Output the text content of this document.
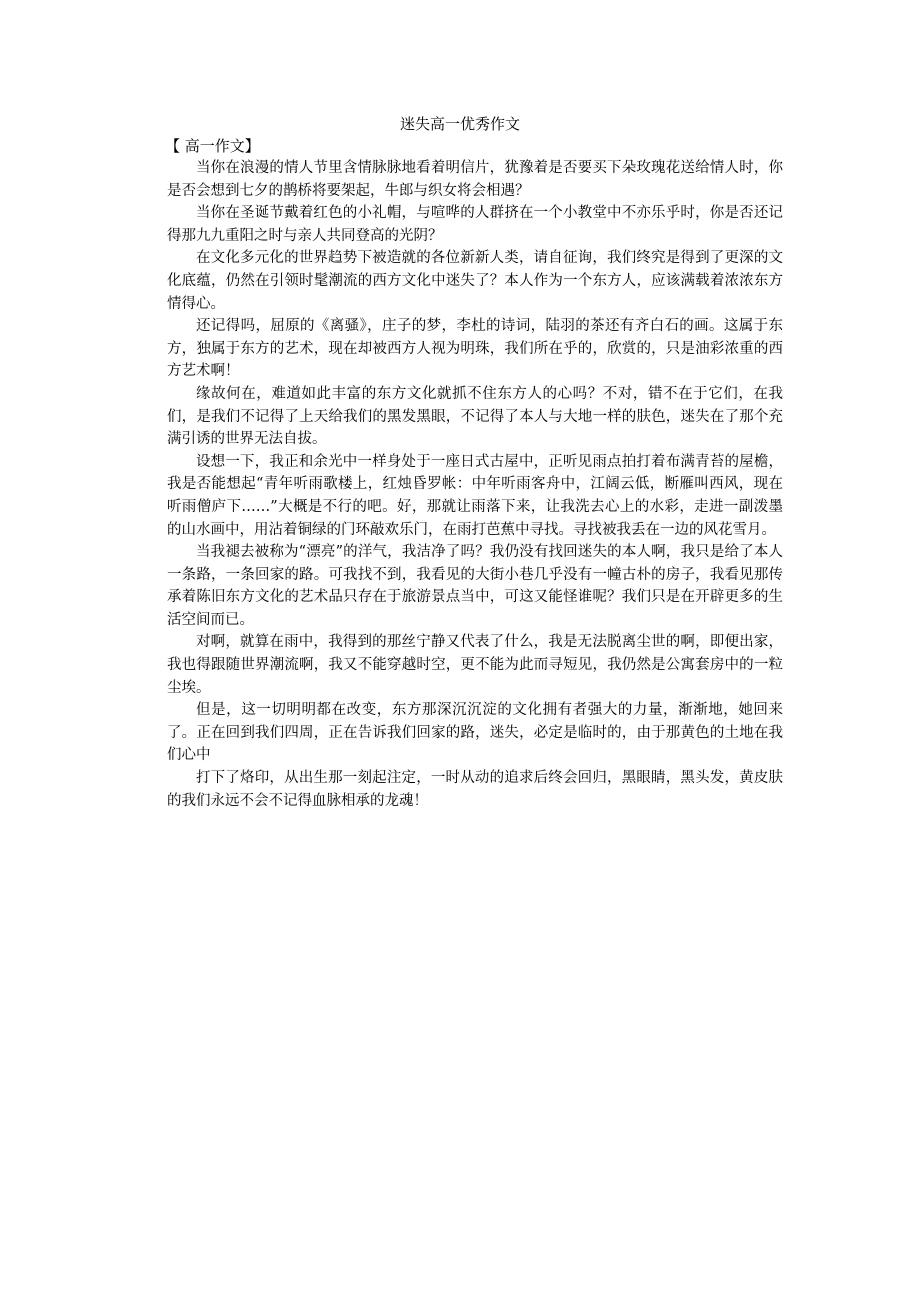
迷失高一优秀作文
【 高一作文】

当你在浪漫的情人节里含情脉脉地看着明信片，犹豫着是否要买下朵玫瑰花送给情人时，你是否会想到七夕的鹊桥将要架起，牛郎与织女将会相遇？

当你在圣诞节戴着红色的小礼帽，与喧哗的人群挤在一个小教堂中不亦乐乎时，你是否还记得那九九重阳之时与亲人共同登高的光阴？

在文化多元化的世界趋势下被造就的各位新新人类，请自征询，我们终究是得到了更深的文化底蕴，仍然在引领时髦潮流的西方文化中迷失了？本人作为一个东方人，应该满载着浓浓东方情得心。

还记得吗，屈原的《离骚》，庄子的梦，李杜的诗词，陆羽的茶还有齐白石的画。这属于东方，独属于东方的艺术，现在却被西方人视为明珠，我们所在乎的，欣赏的，只是油彩浓重的西方艺术啊！

缘故何在，难道如此丰富的东方文化就抓不住东方人的心吗？不对，错不在于它们，在我们，是我们不记得了上天给我们的黑发黑眼，不记得了本人与大地一样的肤色，迷失在了那个充满引诱的世界无法自拔。

设想一下，我正和余光中一样身处于一座日式古屋中，正听见雨点拍打着布满青苔的屋檐，我是否能想起“青年听雨歌楼上，红烛昏罗帐：中年听雨客舟中，江阔云低，断雁叫西风，现在听雨僧庐下……”大概是不行的吧。好，那就让雨落下来，让我洗去心上的水彩，走进一副泼墨的山水画中，用沾着铜绿的门环敲欢乐门，在雨打芭蕉中寻找。寻找被我丢在一边的风花雪月。

当我褪去被称为“漂亮”的洋气，我洁净了吗？我仍没有找回迷失的本人啊，我只是给了本人一条路，一条回家的路。可我找不到，我看见的大街小巷几乎没有一幢古朴的房子，我看见那传承着陈旧东方文化的艺术品只存在于旅游景点当中，可这又能怪谁呢？我们只是在开辟更多的生活空间而已。

对啊，就算在雨中，我得到的那丝宁静又代表了什么，我是无法脱离尘世的啊，即便出家，我也得跟随世界潮流啊，我又不能穿越时空，更不能为此而寻短见，我仍然是公寓套房中的一粒尘埃。

但是，这一切明明都在改变，东方那深沉沉淀的文化拥有者强大的力量，渐渐地，她回来了。正在回到我们四周，正在告诉我们回家的路，迷失，必定是临时的，由于那黄色的土地在我们心中

打下了烙印，从出生那一刻起注定，一时从动的追求后终会回归，黑眼睛，黑头发，黄皮肤的我们永远不会不记得血脉相承的龙魂！
